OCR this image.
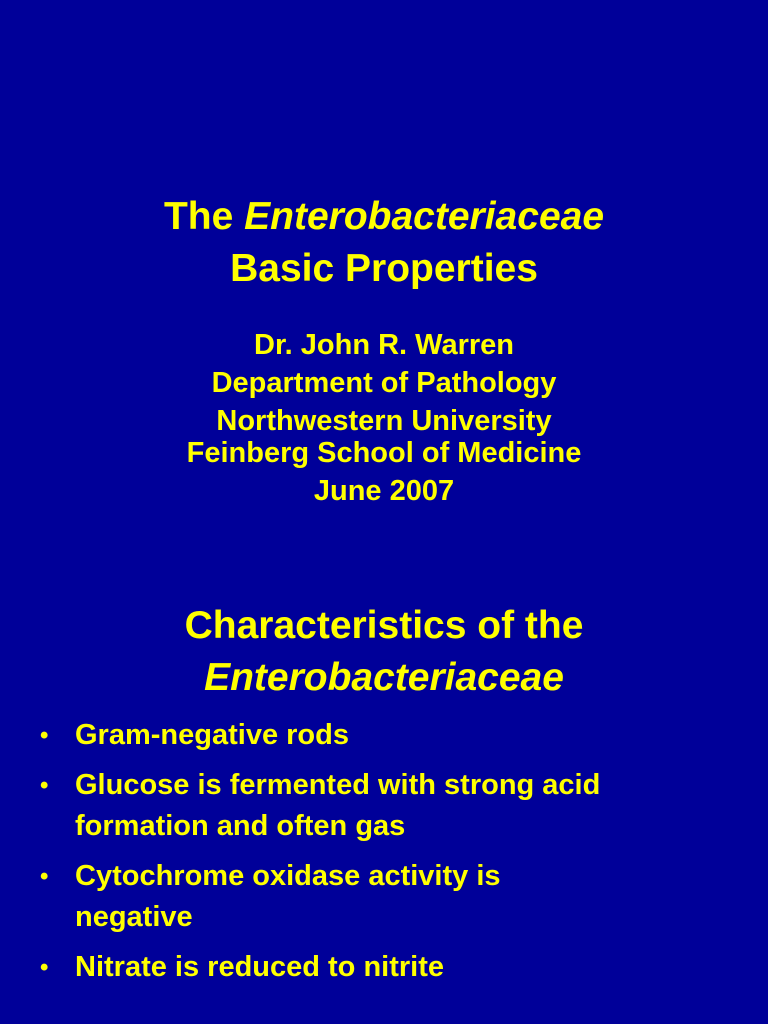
The Enterobacteriaceae
Basic Properties
Dr. John R. Warren
Department of Pathology
Northwestern University
Feinberg School of Medicine
June 2007
Characteristics of the
Enterobacteriaceae
• Gram-negative rods
• Glucose is fermented with strong acid
formation and often gas
• Cytochrome oxidase activity is
negative
• Nitrate is reduced to nitrite
